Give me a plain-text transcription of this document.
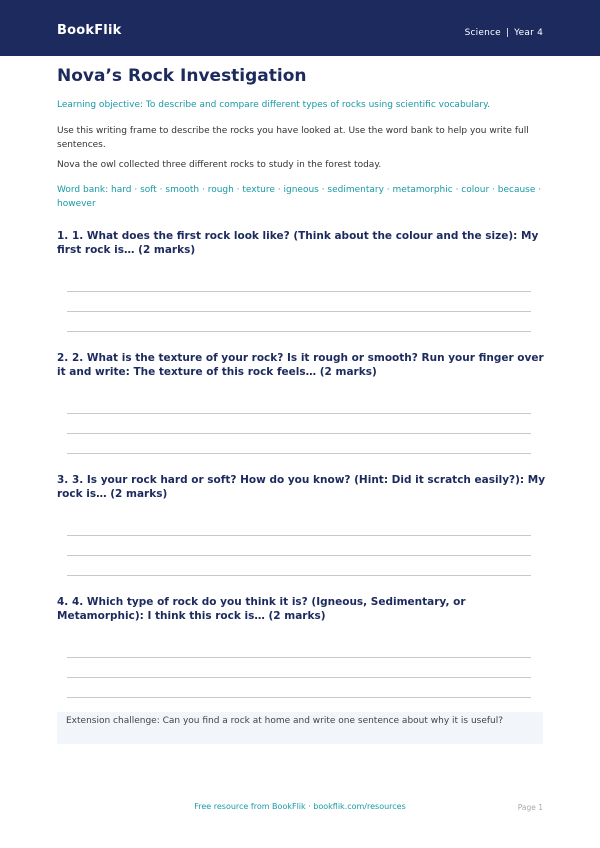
BookFlik	Science | Year 4
Nova’s Rock Investigation
Learning objective: To describe and compare different types of rocks using scientific vocabulary.
Use this writing frame to describe the rocks you have looked at. Use the word bank to help you write full sentences.
Nova the owl collected three different rocks to study in the forest today.
Word bank: hard · soft · smooth · rough · texture · igneous · sedimentary · metamorphic · colour · because · however
1. 1. What does the first rock look like? (Think about the colour and the size): My first rock is… (2 marks)
2. 2. What is the texture of your rock? Is it rough or smooth? Run your finger over it and write: The texture of this rock feels… (2 marks)
3. 3. Is your rock hard or soft? How do you know? (Hint: Did it scratch easily?): My rock is… (2 marks)
4. 4. Which type of rock do you think it is? (Igneous, Sedimentary, or Metamorphic): I think this rock is… (2 marks)
Extension challenge: Can you find a rock at home and write one sentence about why it is useful?
Free resource from BookFlik · bookflik.com/resources	Page 1
